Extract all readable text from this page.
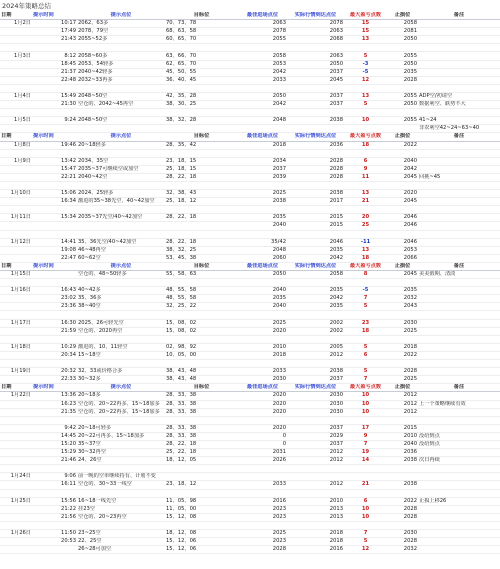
2024年策略总结
日期	提示时间	提示点位	目标位	最佳进场点位	实际行情到达点位	最大盈亏点数	止损位	备注
1月2日	10:17	2062、63多	70、73、78	2063	2078	15	2058	
	17:49	2078、79空	68、63、58	2078	2063	15	2081	
	21:43	2055~52多	60、65、70	2055	2068	13	2050	

1月3日	8:12	2058~60多	63、66、70	2058	2063	5	2055	
	18:45	2053、54轻多	62、65、70	2053	2050	-3	2050	
	21:37	2040~42轻多	45、50、55	2042	2037	-5	2035	
	22:48	2032~33再多	36、40、45	2033	2045	12	2028	

1月4日	15:49	2048~50空	42、35、28	2050	2037	13	2055	ADP空/初请空
	21:30	空仓的、2042~45再空	38、30、25	2042	2037	5	2050	数据利空、跌势不大

1月5日	9:24	2048~50空	38、32、28	2048	2038	10	2055	41~24
								非农利空42~24~63~40
日期	提示时间	提示点位	目标位	最佳进场点位	实际行情到达点位	最大盈亏点数	止损位	备注
1月8日	19:46	20~18轻多	28、35、42	2018	2036	18	2022	

1月9日	13:42	2034、35空	23、18、15	2034	2028	6	2040	
	15:47	2035~37可继续空或加空	25、18、15	2037	2028	9	2042	
	22:21	2040~42空	28、22、18	2039	2028	11	2045	回挑~45

1月10日	15:06	2024、25轻多	32、38、43	2025	2038	13	2020	
	16:34	激进的35~38先空、40~42加空	25、18、12	2038	2017	21	2045	

1月11日	15:34	2035~37先空/40~42加空	28、22、18	2035	2015	20	2046	
				2040	2015	25	2046	

1月12日	14:41	35、36先空/40~42加空	28、22、18	35/42	2046	-11	2046	
	19:08	46~48再空	38、32、25	2048	2035	13	2053	
	22:47	60~62空	53、45、38	2060	2042	18	2066	
日期	提示时间	提示点位	目标位	最佳进场点位	实际行情到达点位	最大盈亏点数	止损位	备注
1月15日		空仓的、48~50轻多	55、58、63	2050	2058	8	2045	美美假期、清淡

1月16日	16:43	40~42多	48、55、58	2040	2035	-5	2035	
	23:02	35、36多	48、55、58	2035	2042	7	2032	
	23:36	38~40空	32、25、22	2040	2035	5	2043	

1月17日	16:30	2025、26可轻先空	15、08、02	2025	2002	23	2030	
	21:59	空仓的、2020再空	15、08、02	2020	2002	18	2025	

1月18日	10:29	激进的、10、11轻空	02、98、92	2010	2005	5	2018	
	20:34	15~18空	10、05、00	2018	2012	6	2022	

1月19日	20:32	32、33或价格合多	38、43、48	2033	2038	5	2028	
	22:33	30~32多	38、43、48	2030	2037	7	2025	
日期	提示时间	提示点位	目标位	最佳进场点位	实际行情到达点位	最大盈亏点数	止损位	备注
1月22日	13:36	20~18多	28、33、38	2020	2030	10	2012	
	16:23	空仓的、20~22再多、15~18加多	28、33、38	2020	2030	10	2012	上一个策略继续有效
	21:35	空仓的、20~22再多、15~18加多	28、33、38	2020	2030	10	2012	

	9:42	20~18可轻多	28、33、38	2020	2037	17	2015	
	14:45	20~22可再多、15~18加多	28、33、38	0	2029	9	2010	没给到点
	15:20	35~37空	28、22、18	0	2037	7	2040	没给到点
	15:29	30~32再空	25、22、18	2031	2012	19	2036	
	21:46	24、26空	18、12、05	2026	2012	14	2038	次日再续

1月24日	9:06	前一晚的空单继续持有、计划不变						
	16:11	空仓的、30~33一线空	23、18、12	2033	2012	21	2038	

1月25日	15:56	16~18一线先空	11、05、98	2016	2010	6	2022	止损上移26
	21:22	挂23空	11、05、00	2023	2013	10	2028	
	21:56	空仓的、20~23再空	15、12、08	2023	2013	10	2028	

1月26日	11:50	23~25空	18、12、08	2025	2018	7	2030	
	20:53	22、25空	15、12、06	2023	2018	5	2028	
		26~28可加空	15、12、06	2028	2016	12	2032	
